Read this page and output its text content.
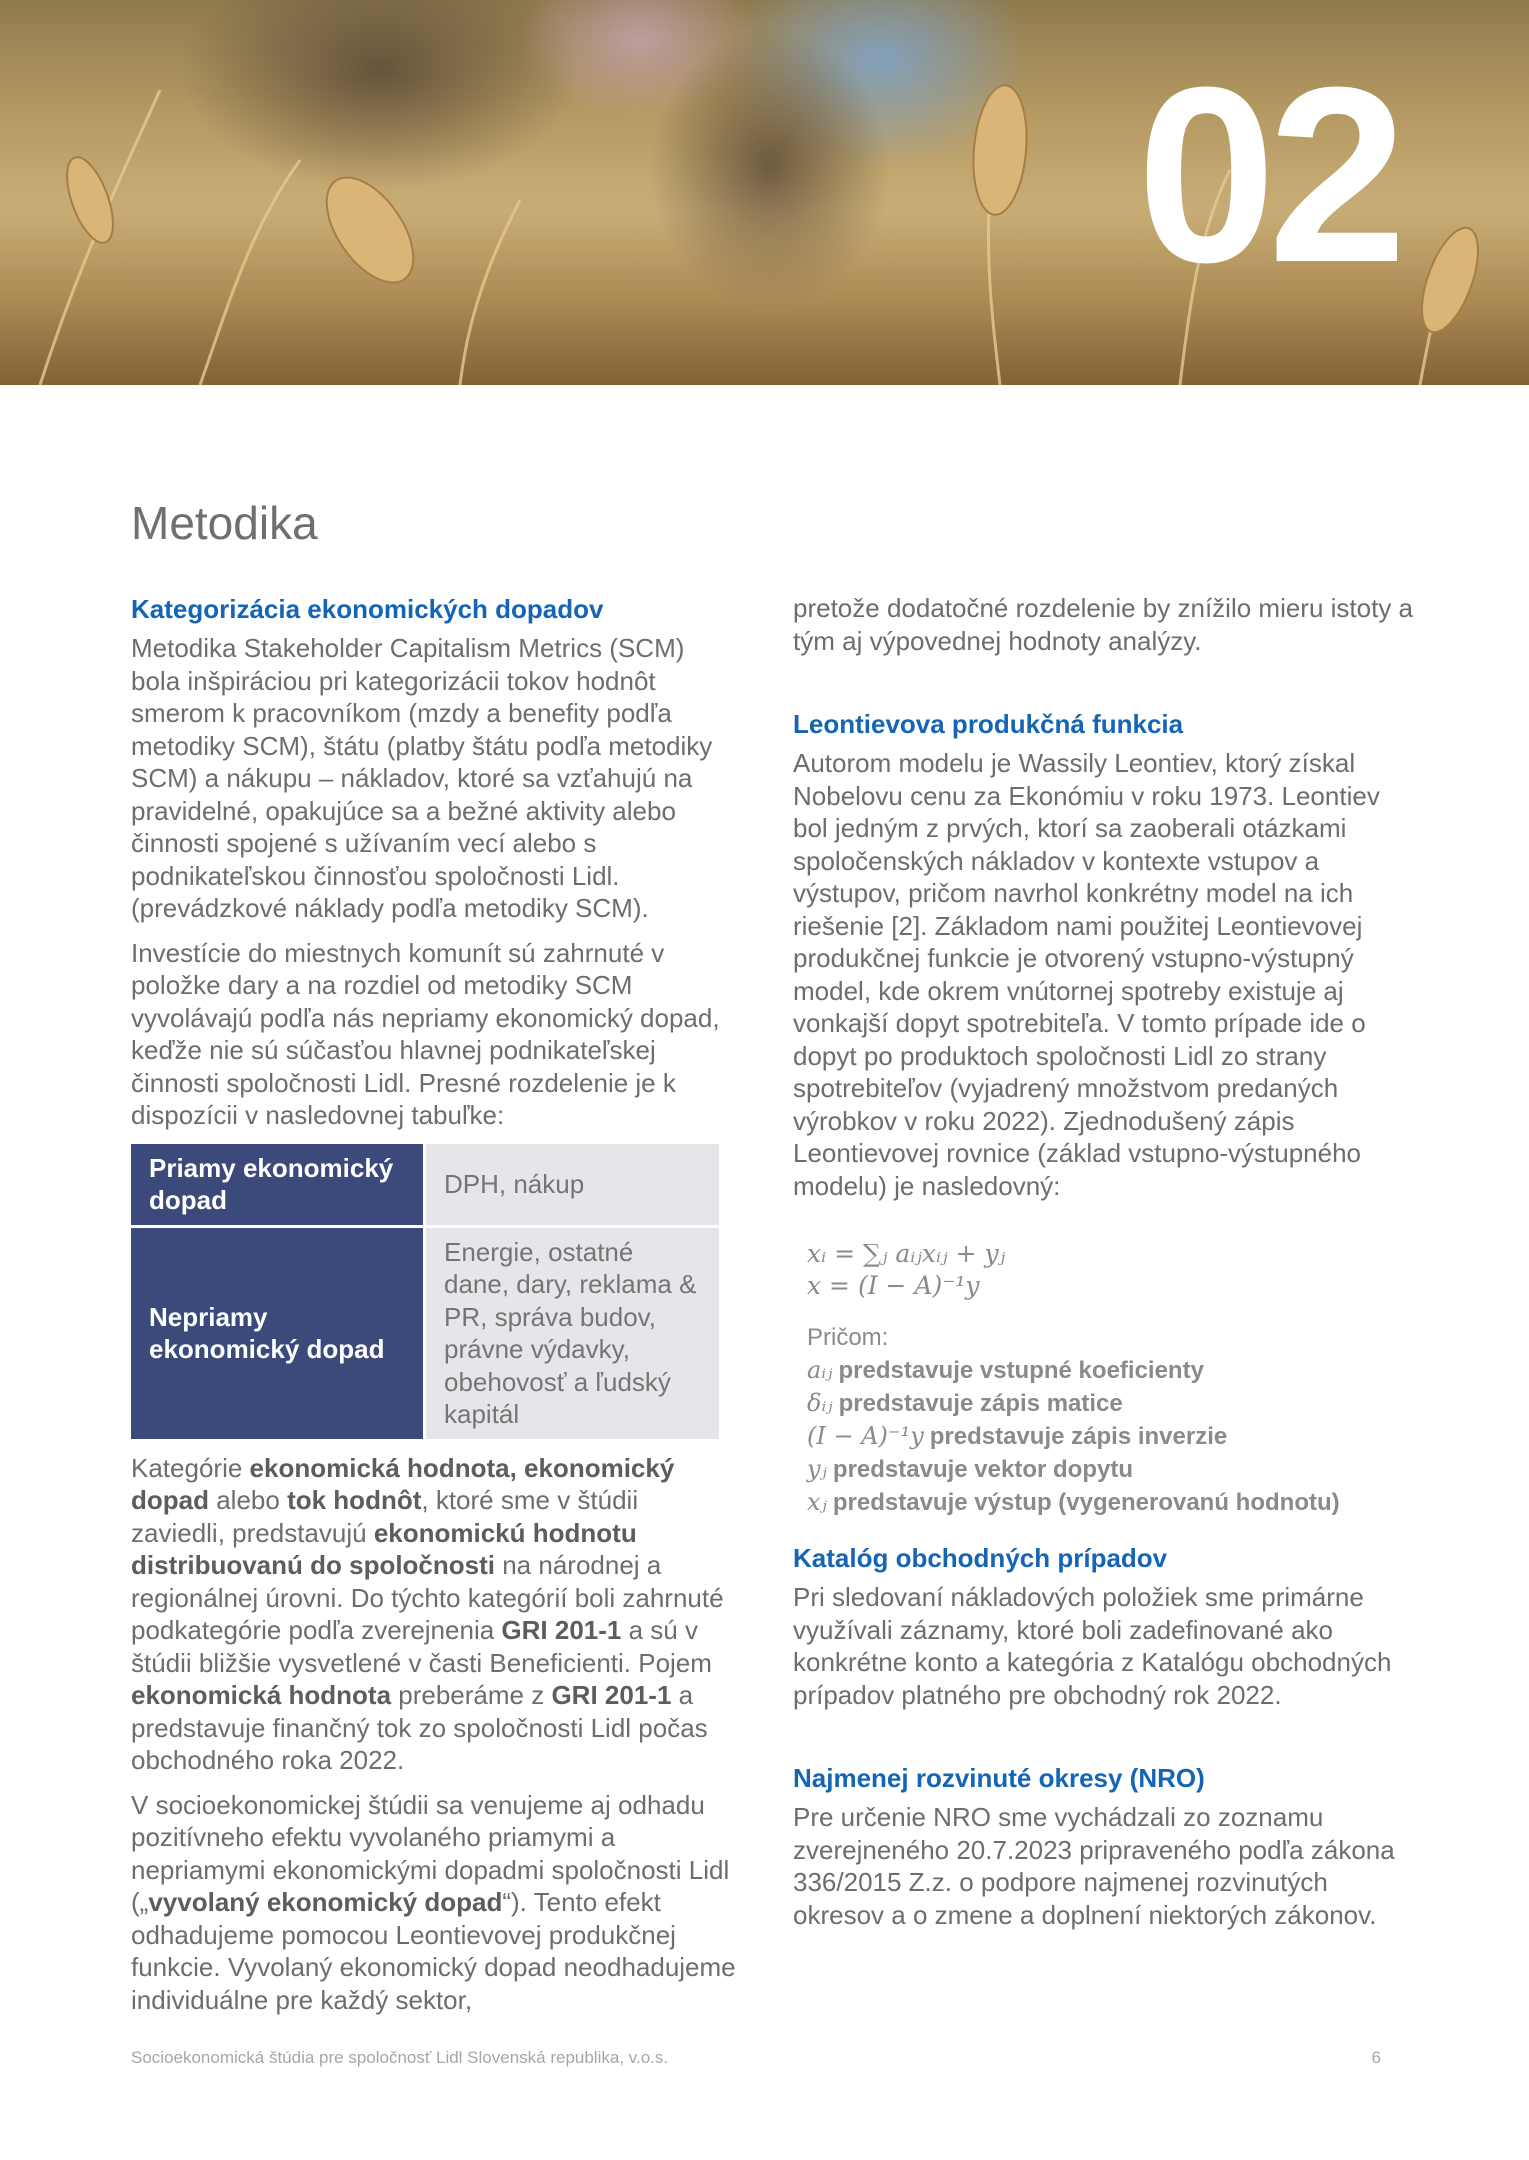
02
Metodika
Kategorizácia ekonomických dopadov

Metodika Stakeholder Capitalism Metrics (SCM) bola inšpiráciou pri kategorizácii tokov hodnôt smerom k pracovníkom (mzdy a benefity podľa metodiky SCM), štátu (platby štátu podľa metodiky SCM) a nákupu – nákladov, ktoré sa vzťahujú na pravidelné, opakujúce sa a bežné aktivity alebo činnosti spojené s užívaním vecí alebo s podnikateľskou činnosťou spoločnosti Lidl. (prevádzkové náklady podľa metodiky SCM).

Investície do miestnych komunít sú zahrnuté v položke dary a na rozdiel od metodiky SCM vyvolávajú podľa nás nepriamy ekonomický dopad, keďže nie sú súčasťou hlavnej podnikateľskej činnosti spoločnosti Lidl. Presné rozdelenie je k dispozícii v nasledovnej tabuľke:

Priamy ekonomický dopad	DPH, nákup
Nepriamy ekonomický dopad	Energie, ostatné dane, dary, reklama & PR, správa budov, právne výdavky, obehovosť a ľudský kapitál

Kategórie ekonomická hodnota, ekonomický dopad alebo tok hodnôt, ktoré sme v štúdii zaviedli, predstavujú ekonomickú hodnotu distribuovanú do spoločnosti na národnej a regionálnej úrovni. Do týchto kategórií boli zahrnuté podkategórie podľa zverejnenia GRI 201-1 a sú v štúdii bližšie vysvetlené v časti Beneficienti. Pojem ekonomická hodnota preberáme z GRI 201-1 a predstavuje finančný tok zo spoločnosti Lidl počas obchodného roka 2022.

V socioekonomickej štúdii sa venujeme aj odhadu pozitívneho efektu vyvolaného priamymi a nepriamymi ekonomickými dopadmi spoločnosti Lidl („vyvolaný ekonomický dopad“). Tento efekt odhadujeme pomocou Leontievovej produkčnej funkcie. Vyvolaný ekonomický dopad neodhadujeme individuálne pre každý sektor,

pretože dodatočné rozdelenie by znížilo mieru istoty a tým aj výpovednej hodnoty analýzy.

Leontievova produkčná funkcia

Autorom modelu je Wassily Leontiev, ktorý získal Nobelovu cenu za Ekonómiu v roku 1973. Leontiev bol jedným z prvých, ktorí sa zaoberali otázkami spoločenských nákladov v kontexte vstupov a výstupov, pričom navrhol konkrétny model na ich riešenie [2]. Základom nami použitej Leontievovej produkčnej funkcie je otvorený vstupno-výstupný model, kde okrem vnútornej spotreby existuje aj vonkajší dopyt spotrebiteľa. V tomto prípade ide o dopyt po produktoch spoločnosti Lidl zo strany spotrebiteľov (vyjadrený množstvom predaných výrobkov v roku 2022). Zjednodušený zápis Leontievovej rovnice (základ vstupno-výstupného modelu) je nasledovný:

xᵢ = ∑ⱼ aᵢⱼxᵢⱼ + yⱼ
x = (I − A)⁻¹y
Pričom:
aᵢⱼ predstavuje vstupné koeficienty
δᵢⱼ predstavuje zápis matice
(I − A)⁻¹y predstavuje zápis inverzie
yⱼ predstavuje vektor dopytu
xⱼ predstavuje výstup (vygenerovanú hodnotu)
Katalóg obchodných prípadov

Pri sledovaní nákladových položiek sme primárne využívali záznamy, ktoré boli zadefinované ako konkrétne konto a kategória z Katalógu obchodných prípadov platného pre obchodný rok 2022.

Najmenej rozvinuté okresy (NRO)

Pre určenie NRO sme vychádzali zo zoznamu zverejneného 20.7.2023 pripraveného podľa zákona 336/2015 Z.z. o podpore najmenej rozvinutých okresov a o zmene a doplnení niektorých zákonov.

Socioekonomická štúdia pre spoločnosť Lidl Slovenská republika, v.o.s.	6
